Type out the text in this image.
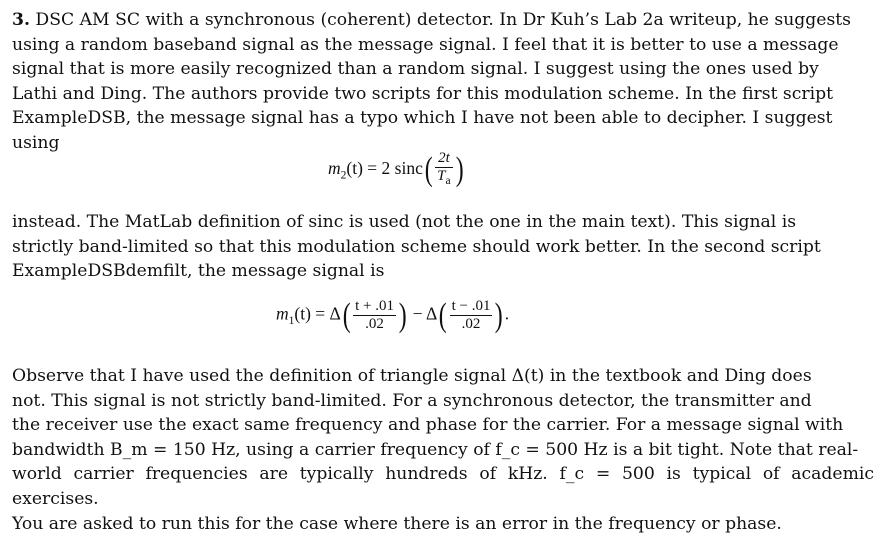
3. DSC AM SC with a synchronous (coherent) detector. In Dr Kuh’s Lab 2a writeup, he suggests
using a random baseband signal as the message signal. I feel that it is better to use a message
signal that is more easily recognized than a random signal. I suggest using the ones used by
Lathi and Ding. The authors provide two scripts for this modulation scheme. In the first script
ExampleDSB, the message signal has a typo which I have not been able to decipher. I suggest
using
$m_2(t) = 2$ $\sin c( \frac{2t}{T_a}$ )
instead. The MatLab definition of sinc is used (not the one in the main text). This signal is
strictly band-limited so that this modulation scheme should work better. In the second script
ExampleDSBdemfilt, the message signal is
$m_1(t) = \Delta( \frac{t + .01}{.02}$ ) − $\Delta( \frac{t - .01}{.02}$ ).
Observe that I have used the definition of triangle signal Δ(t) in the textbook and Ding does
not. This signal is not strictly band-limited. For a synchronous detector, the transmitter and
the receiver use the exact same frequency and phase for the carrier. For a message signal with
bandwidth B_m = 150 Hz, using a carrier frequency of f_c = 500 Hz is a bit tight. Note that real-
world carrier frequencies are typically hundreds of kHz. f_c = 500 is typical of academic exercises.
You are asked to run this for the case where there is an error in the frequency or phase.
